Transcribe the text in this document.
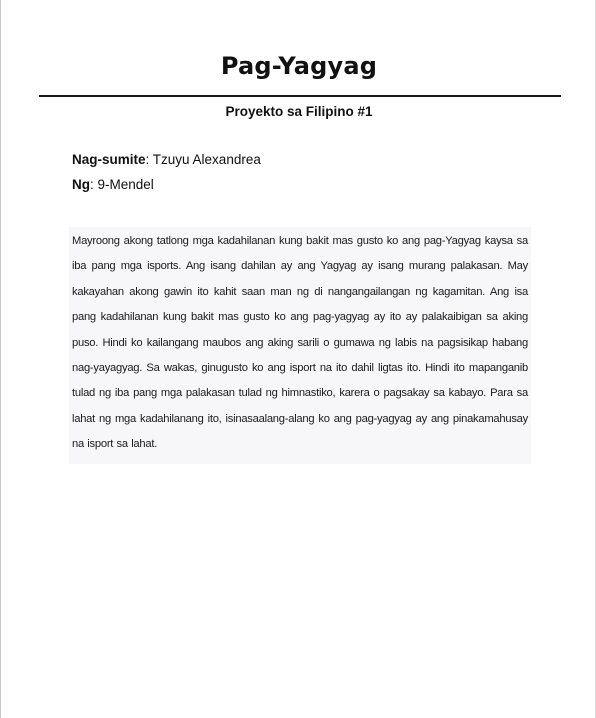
Pag-Yagyag
Proyekto sa Filipino #1
Nag-sumite: Tzuyu Alexandrea
Ng: 9-Mendel

Mayroong akong tatlong mga kadahilanan kung bakit mas gusto ko ang pag-Yagyag kaysa sa iba pang mga isports. Ang isang dahilan ay ang Yagyag ay isang murang palakasan. May kakayahan akong gawin ito kahit saan man ng di nangangailangan ng kagamitan. Ang isa pang kadahilanan kung bakit mas gusto ko ang pag-yagyag ay ito ay palakaibigan sa aking puso. Hindi ko kailangang maubos ang aking sarili o gumawa ng labis na pagsisikap habang nag-yayagyag. Sa wakas, ginugusto ko ang isport na ito dahil ligtas ito. Hindi ito mapanganib tulad ng iba pang mga palakasan tulad ng himnastiko, karera o pagsakay sa kabayo. Para sa lahat ng mga kadahilanang ito, isinasaalang-alang ko ang pag-yagyag ay ang pinakamahusay na isport sa lahat.
